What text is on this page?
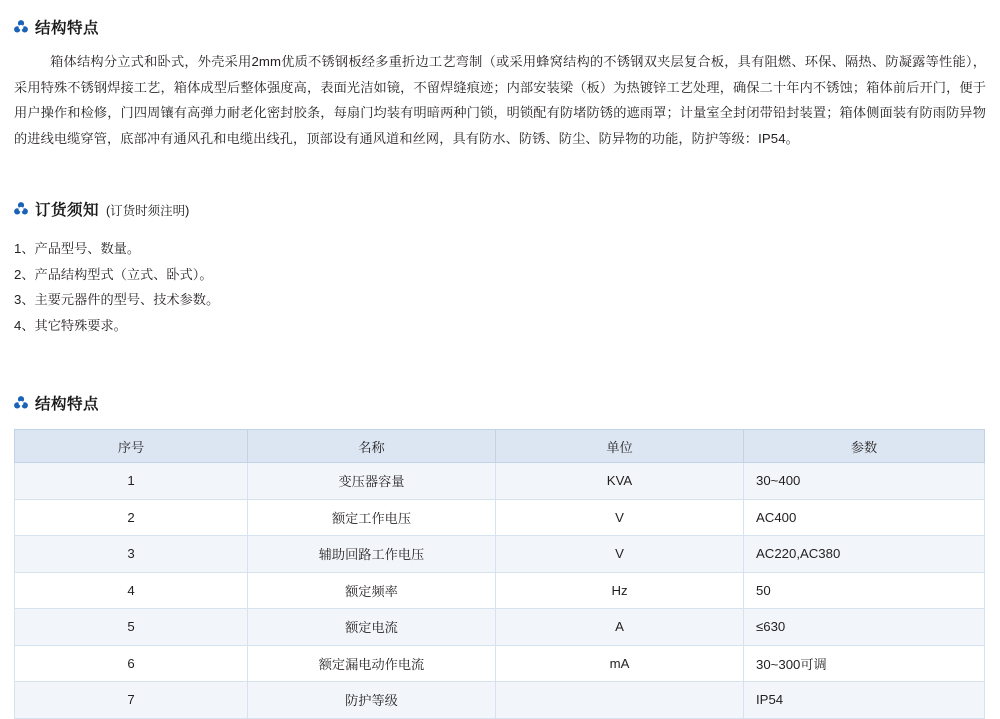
结构特点
箱体结构分立式和卧式，外壳采用2mm优质不锈钢板经多重折边工艺弯制（或采用蜂窝结构的不锈钢双夹层复合板，具有阻燃、环保、隔热、防凝露等性能），采用特殊不锈钢焊接工艺，箱体成型后整体强度高，表面光洁如镜，不留焊缝痕迹；内部安装梁（板）为热镀锌工艺处理，确保二十年内不锈蚀；箱体前后开门，便于用户操作和检修，门四周镶有高弹力耐老化密封胶条，每扇门均装有明暗两种门锁，明锁配有防堵防锈的遮雨罩；计量室全封闭带铅封装置；箱体侧面装有防雨防异物的进线电缆穿管，底部冲有通风孔和电缆出线孔，顶部设有通风道和丝网，具有防水、防锈、防尘、防异物的功能，防护等级：IP54。
订货须知 (订货时须注明)
1、产品型号、数量。
2、产品结构型式（立式、卧式）。
3、主要元器件的型号、技术参数。
4、其它特殊要求。
结构特点
序号	名称	单位	参数
1	变压器容量	KVA	30~400
2	额定工作电压	V	AC400
3	辅助回路工作电压	V	AC220,AC380
4	额定频率	Hz	50
5	额定电流	A	≤630
6	额定漏电动作电流	mA	30~300可调
7	防护等级		IP54
